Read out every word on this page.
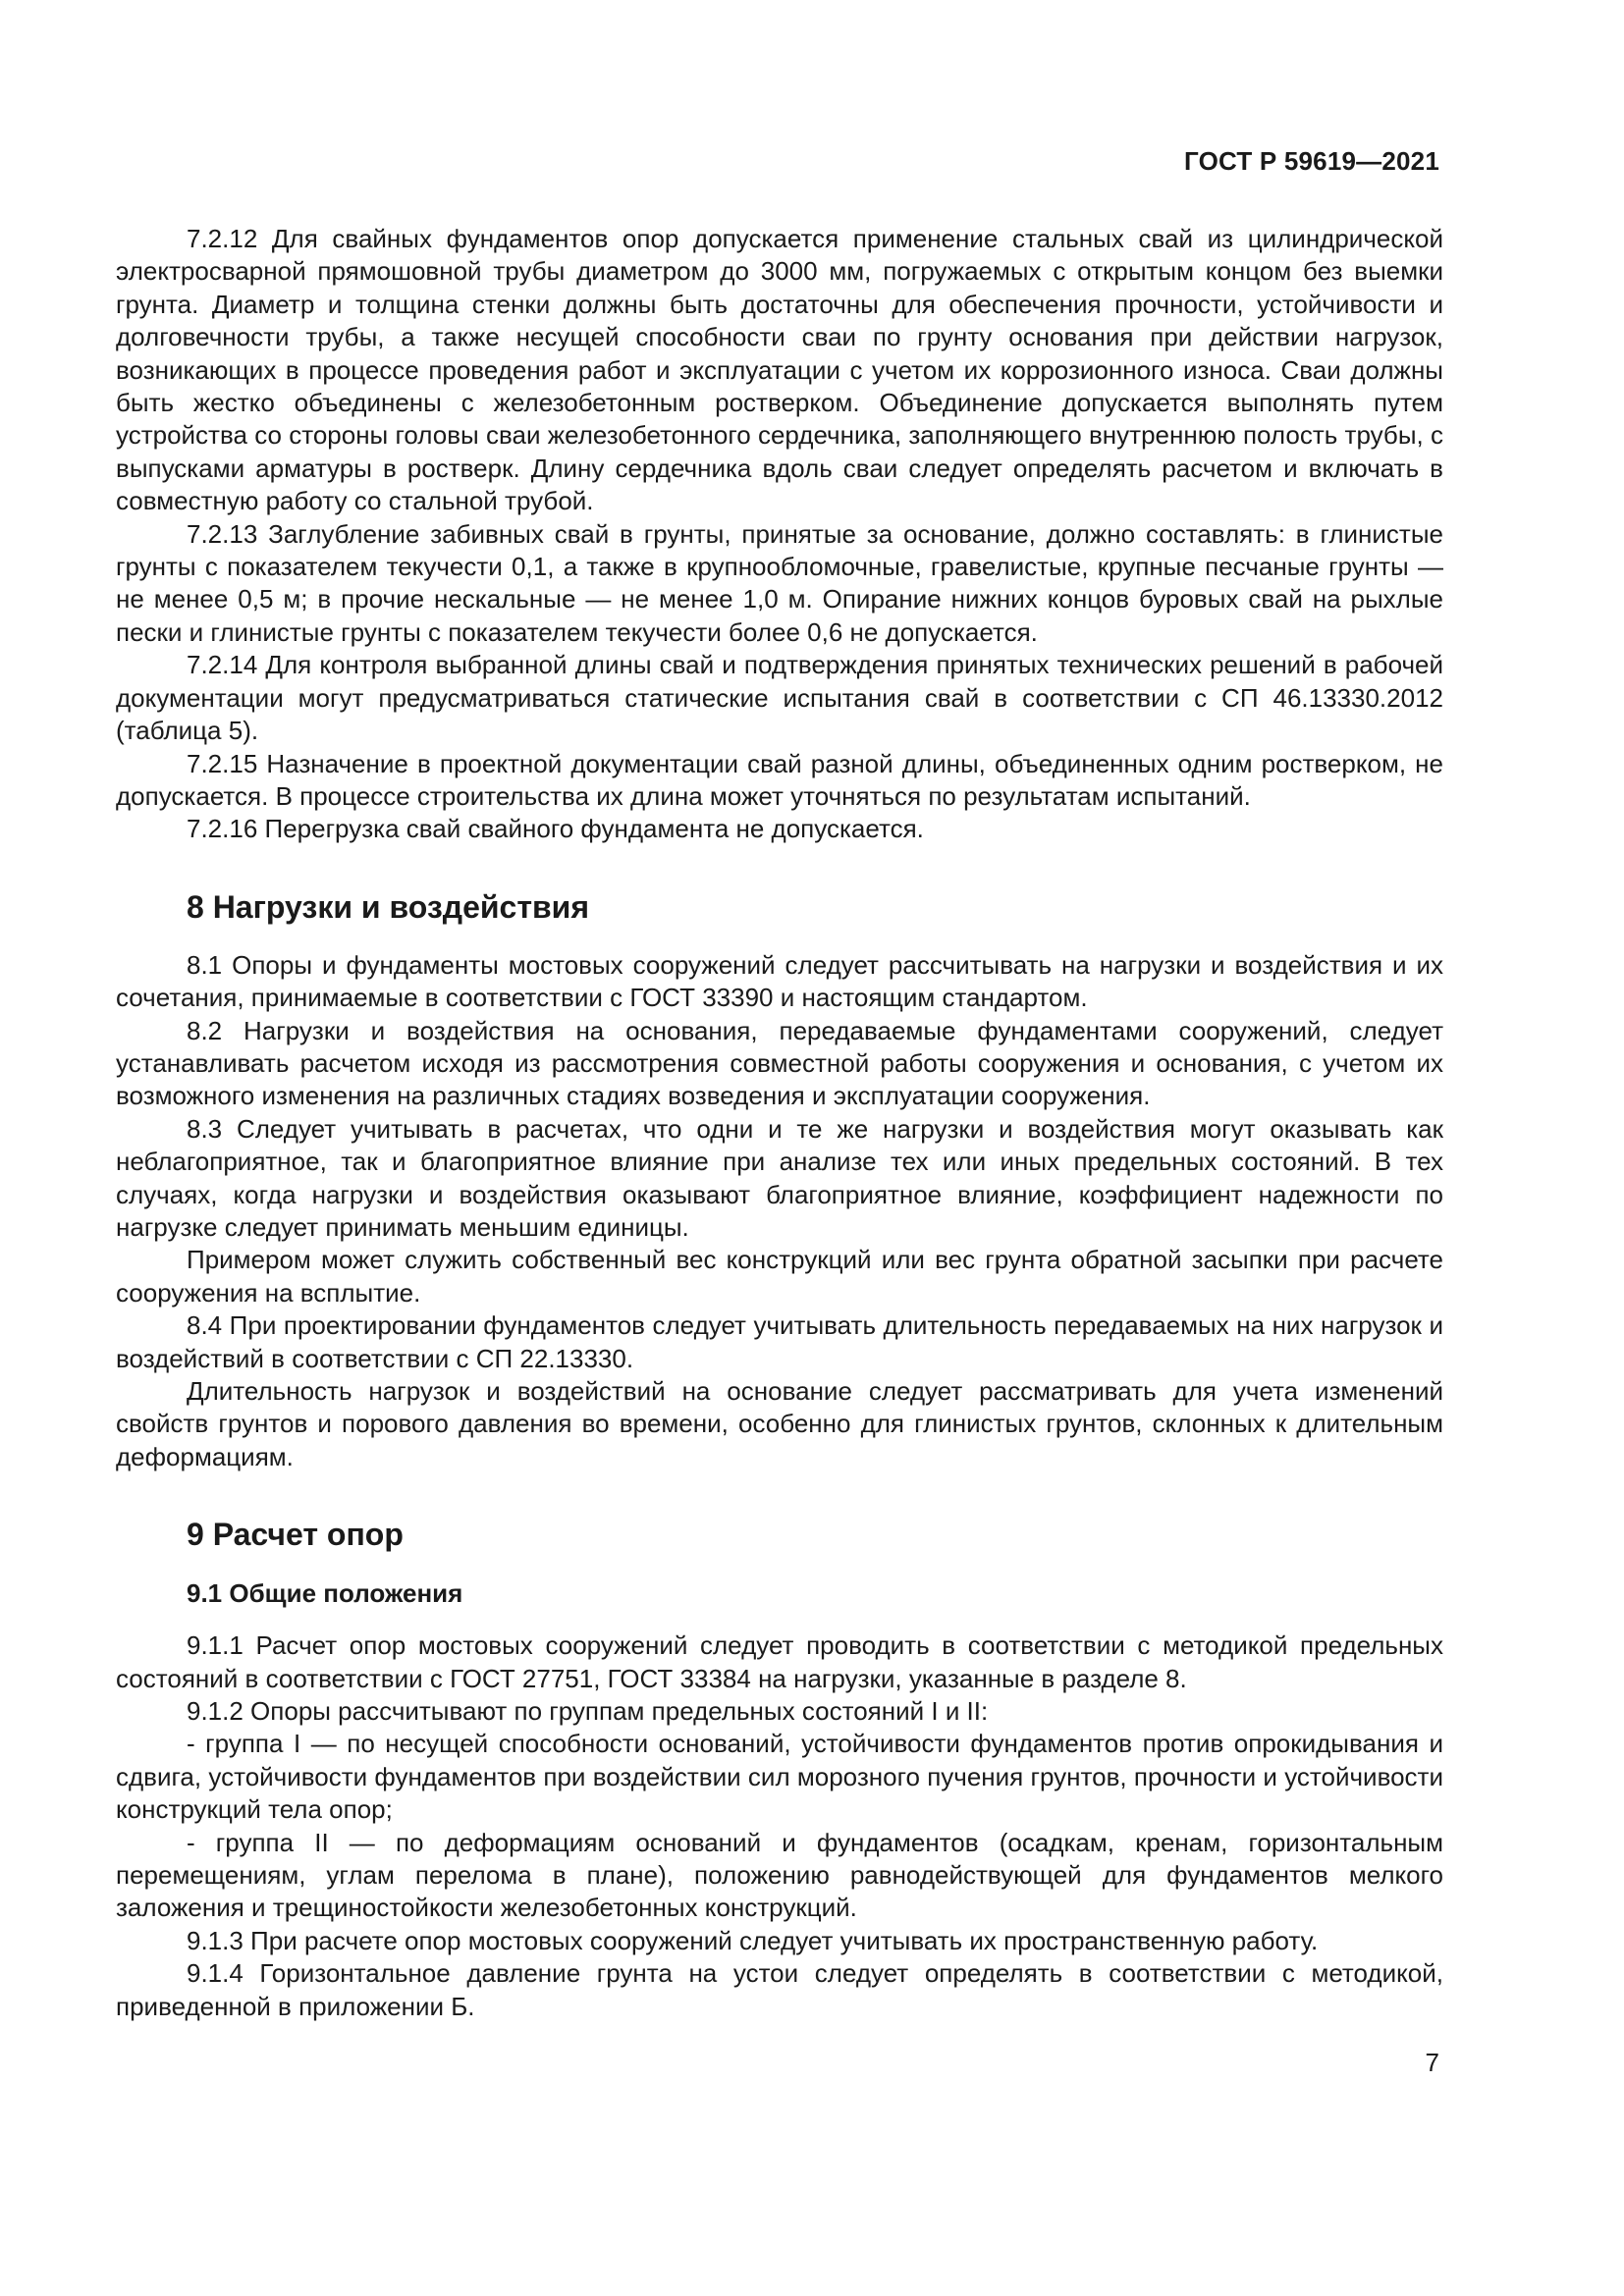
ГОСТ Р 59619—2021

7.2.12 Для свайных фундаментов опор допускается применение стальных свай из цилиндрической электросварной прямошовной трубы диаметром до 3000 мм, погружаемых с открытым концом без выемки грунта. Диаметр и толщина стенки должны быть достаточны для обеспечения прочности, устойчивости и долговечности трубы, а также несущей способности сваи по грунту основания при действии нагрузок, возникающих в процессе проведения работ и эксплуатации с учетом их коррозионного износа. Сваи должны быть жестко объединены с железобетонным ростверком. Объединение допускается выполнять путем устройства со стороны головы сваи железобетонного сердечника, заполняющего внутреннюю полость трубы, с выпусками арматуры в ростверк. Длину сердечника вдоль сваи следует определять расчетом и включать в совместную работу со стальной трубой.

7.2.13 Заглубление забивных свай в грунты, принятые за основание, должно составлять: в глинистые грунты с показателем текучести 0,1, а также в крупнообломочные, гравелистые, крупные песчаные грунты — не менее 0,5 м; в прочие нескальные — не менее 1,0 м. Опирание нижних концов буровых свай на рыхлые пески и глинистые грунты с показателем текучести более 0,6 не допускается.

7.2.14 Для контроля выбранной длины свай и подтверждения принятых технических решений в рабочей документации могут предусматриваться статические испытания свай в соответствии с СП 46.13330.2012 (таблица 5).

7.2.15 Назначение в проектной документации свай разной длины, объединенных одним ростверком, не допускается. В процессе строительства их длина может уточняться по результатам испытаний.

7.2.16 Перегрузка свай свайного фундамента не допускается.

8 Нагрузки и воздействия

8.1 Опоры и фундаменты мостовых сооружений следует рассчитывать на нагрузки и воздействия и их сочетания, принимаемые в соответствии с ГОСТ 33390 и настоящим стандартом.

8.2 Нагрузки и воздействия на основания, передаваемые фундаментами сооружений, следует устанавливать расчетом исходя из рассмотрения совместной работы сооружения и основания, с учетом их возможного изменения на различных стадиях возведения и эксплуатации сооружения.

8.3 Следует учитывать в расчетах, что одни и те же нагрузки и воздействия могут оказывать как неблагоприятное, так и благоприятное влияние при анализе тех или иных предельных состояний. В тех случаях, когда нагрузки и воздействия оказывают благоприятное влияние, коэффициент надежности по нагрузке следует принимать меньшим единицы.

Примером может служить собственный вес конструкций или вес грунта обратной засыпки при расчете сооружения на всплытие.

8.4 При проектировании фундаментов следует учитывать длительность передаваемых на них нагрузок и воздействий в соответствии с СП 22.13330.

Длительность нагрузок и воздействий на основание следует рассматривать для учета изменений свойств грунтов и порового давления во времени, особенно для глинистых грунтов, склонных к длительным деформациям.

9 Расчет опор
9.1 Общие положения

9.1.1 Расчет опор мостовых сооружений следует проводить в соответствии с методикой предельных состояний в соответствии с ГОСТ 27751, ГОСТ 33384 на нагрузки, указанные в разделе 8.

9.1.2 Опоры рассчитывают по группам предельных состояний I и II:

- группа I — по несущей способности оснований, устойчивости фундаментов против опрокидывания и сдвига, устойчивости фундаментов при воздействии сил морозного пучения грунтов, прочности и устойчивости конструкций тела опор;

- группа II — по деформациям оснований и фундаментов (осадкам, кренам, горизонтальным перемещениям, углам перелома в плане), положению равнодействующей для фундаментов мелкого заложения и трещиностойкости железобетонных конструкций.

9.1.3 При расчете опор мостовых сооружений следует учитывать их пространственную работу.

9.1.4 Горизонтальное давление грунта на устои следует определять в соответствии с методикой, приведенной в приложении Б.

7
